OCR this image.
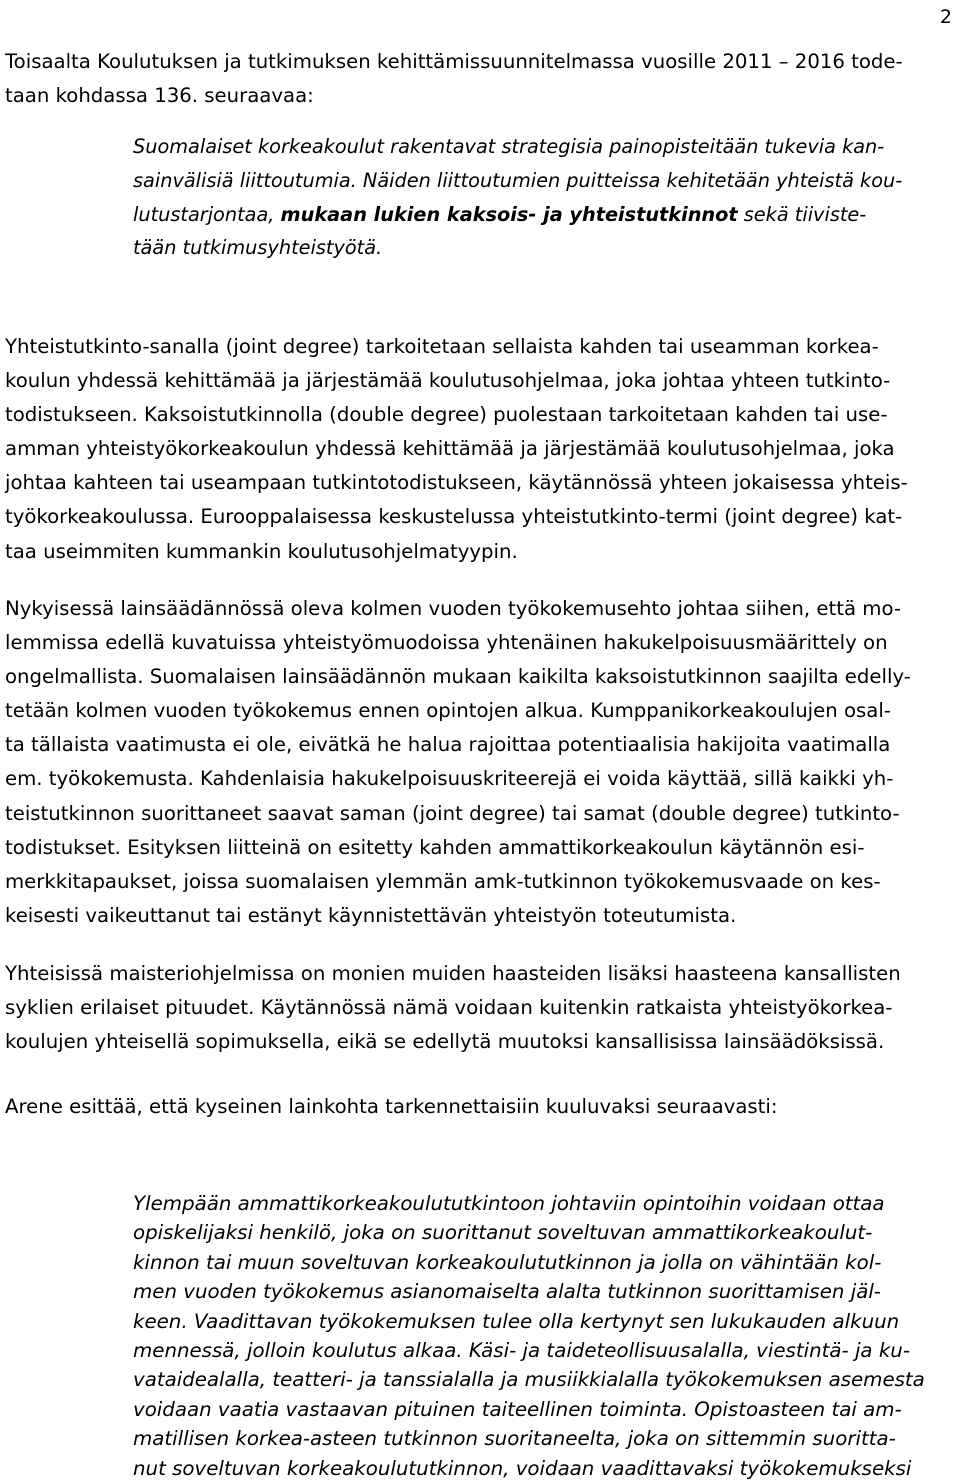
2
Toisaalta Koulutuksen ja tutkimuksen kehittämissuunnitelmassa vuosille 2011 – 2016 tode-
taan kohdassa 136. seuraavaa:
Suomalaiset korkeakoulut rakentavat strategisia painopisteitään tukevia kan-
sainvälisiä liittoutumia. Näiden liittoutumien puitteissa kehitetään yhteistä kou-
lutustarjontaa, mukaan lukien kaksois- ja yhteistutkinnot sekä tiiviste-
tään tutkimusyhteistyötä.
Yhteistutkinto-sanalla (joint degree) tarkoitetaan sellaista kahden tai useamman korkea-
koulun yhdessä kehittämää ja järjestämää koulutusohjelmaa, joka johtaa yhteen tutkinto-
todistukseen. Kaksoistutkinnolla (double degree) puolestaan tarkoitetaan kahden tai use-
amman yhteistyökorkeakoulun yhdessä kehittämää ja järjestämää koulutusohjelmaa, joka
johtaa kahteen tai useampaan tutkintotodistukseen, käytännössä yhteen jokaisessa yhteis-
työkorkeakoulussa. Eurooppalaisessa keskustelussa yhteistutkinto-termi (joint degree) kat-
taa useimmiten kummankin koulutusohjelmatyypin.
Nykyisessä lainsäädännössä oleva kolmen vuoden työkokemusehto johtaa siihen, että mo-
lemmissa edellä kuvatuissa yhteistyömuodoissa yhtenäinen hakukelpoisuusmäärittely on
ongelmallista. Suomalaisen lainsäädännön mukaan kaikilta kaksoistutkinnon saajilta edelly-
tetään kolmen vuoden työkokemus ennen opintojen alkua. Kumppanikorkeakoulujen osal-
ta tällaista vaatimusta ei ole, eivätkä he halua rajoittaa potentiaalisia hakijoita vaatimalla
em. työkokemusta. Kahdenlaisia hakukelpoisuuskriteerejä ei voida käyttää, sillä kaikki yh-
teistutkinnon suorittaneet saavat saman (joint degree) tai samat (double degree) tutkinto-
todistukset. Esityksen liitteinä on esitetty kahden ammattikorkeakoulun käytännön esi-
merkkitapaukset, joissa suomalaisen ylemmän amk-tutkinnon työkokemusvaade on kes-
keisesti vaikeuttanut tai estänyt käynnistettävän yhteistyön toteutumista.
Yhteisissä maisteriohjelmissa on monien muiden haasteiden lisäksi haasteena kansallisten
syklien erilaiset pituudet. Käytännössä nämä voidaan kuitenkin ratkaista yhteistyökorkea-
koulujen yhteisellä sopimuksella, eikä se edellytä muutoksi kansallisissa lainsäädöksissä.
Arene esittää, että kyseinen lainkohta tarkennettaisiin kuuluvaksi seuraavasti:
Ylempään ammattikorkeakoulututkintoon johtaviin opintoihin voidaan ottaa
opiskelijaksi henkilö, joka on suorittanut soveltuvan ammattikorkeakoulut-
kinnon tai muun soveltuvan korkeakoulututkinnon ja jolla on vähintään kol-
men vuoden työkokemus asianomaiselta alalta tutkinnon suorittamisen jäl-
keen. Vaadittavan työkokemuksen tulee olla kertynyt sen lukukauden alkuun
mennessä, jolloin koulutus alkaa. Käsi- ja taideteollisuusalalla, viestintä- ja ku-
vataidealalla, teatteri- ja tanssialalla ja musiikkialalla työkokemuksen asemesta
voidaan vaatia vastaavan pituinen taiteellinen toiminta. Opistoasteen tai am-
matillisen korkea-asteen tutkinnon suoritaneelta, joka on sittemmin suorittа-
nut soveltuvan korkeakoulututkinnon, voidaan vaadittavaksi työkokemukseksi
